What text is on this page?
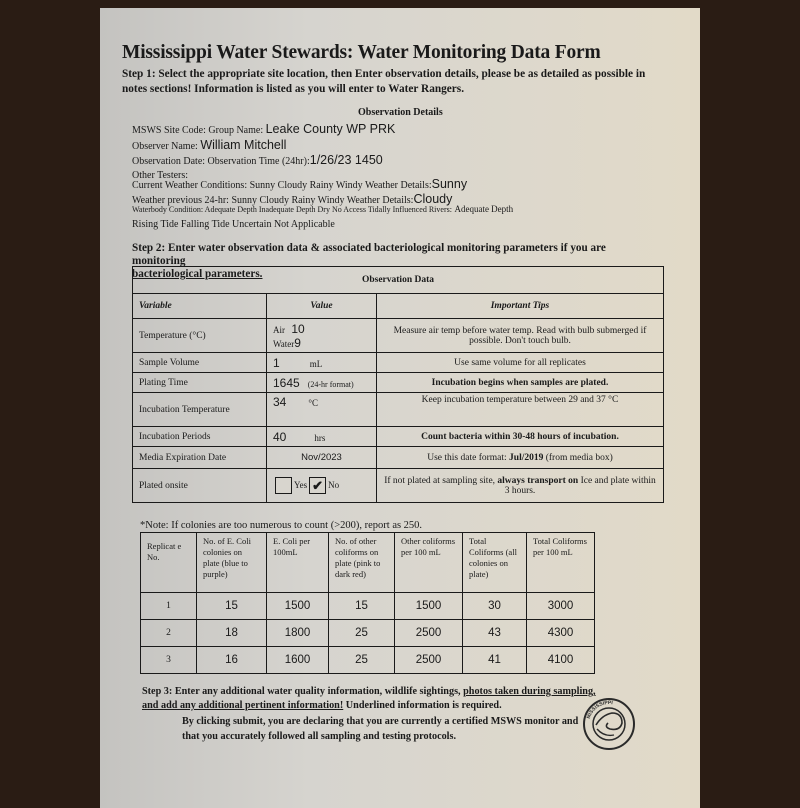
Mississippi Water Stewards: Water Monitoring Data Form
Step 1: Select the appropriate site location, then Enter observation details, please be as detailed as possible in notes sections! Information is listed as you will enter to Water Rangers.
Observation Details
MSWS Site Code: Group Name: Leake County WP PRK
Observer Name: William Mitchell
Observation Date: Observation Time (24hr):1/26/23 1450
Other Testers:
Current Weather Conditions: Sunny Cloudy Rainy Windy Weather Details:Sunny
Weather previous 24-hr: Sunny Cloudy Rainy Windy Weather Details:Cloudy
Waterbody Condition: Adequate Depth Inadequate Depth Dry No Access Tidally Influenced Rivers: Adequate Depth
Rising Tide Falling Tide Uncertain Not Applicable
Step 2: Enter water observation data & associated bacteriological monitoring parameters if you are monitoring
bacteriological parameters.	Observation Data		
Variable	Value	Important Tips
Temperature (°C)	Air 10
Water9	Measure air temp before water temp. Read with bulb submerged if possible. Don't touch bulb.
Sample Volume	1 mL	Use same volume for all replicates
Plating Time	1645 (24-hr format)	Incubation begins when samples are plated.
Incubation Temperature	34 °C	Keep incubation temperature between 29 and 37 °C
Incubation Periods	40 hrs	Count bacteria within 30-48 hours of incubation.
Media Expiration Date	Nov/2023	Use this date format: Jul/2019 (from media box)
Plated onsite	Yes ✔ No	If not plated at sampling site, always transport on Ice and plate within 3 hours.
*Note: If colonies are too numerous to count (>200), report as 250.
Replicat e No.	No. of E. Coli colonies on plate (blue to purple)	E. Coli per 100mL	No. of other coliforms on plate (pink to dark red)	Other coliforms per 100 mL	Total Coliforms (all colonies on plate)	Total Coliforms per 100 mL
1	15	1500	15	1500	30	3000
2	18	1800	25	2500	43	4300
3	16	1600	25	2500	41	4100
Step 3: Enter any additional water quality information, wildlife sightings, photos taken during sampling,
and add any additional pertinent information! Underlined information is required.
By clicking submit, you are declaring that you are currently a certified MSWS monitor and that you accurately followed all sampling and testing protocols.
MISSISSIPPI
